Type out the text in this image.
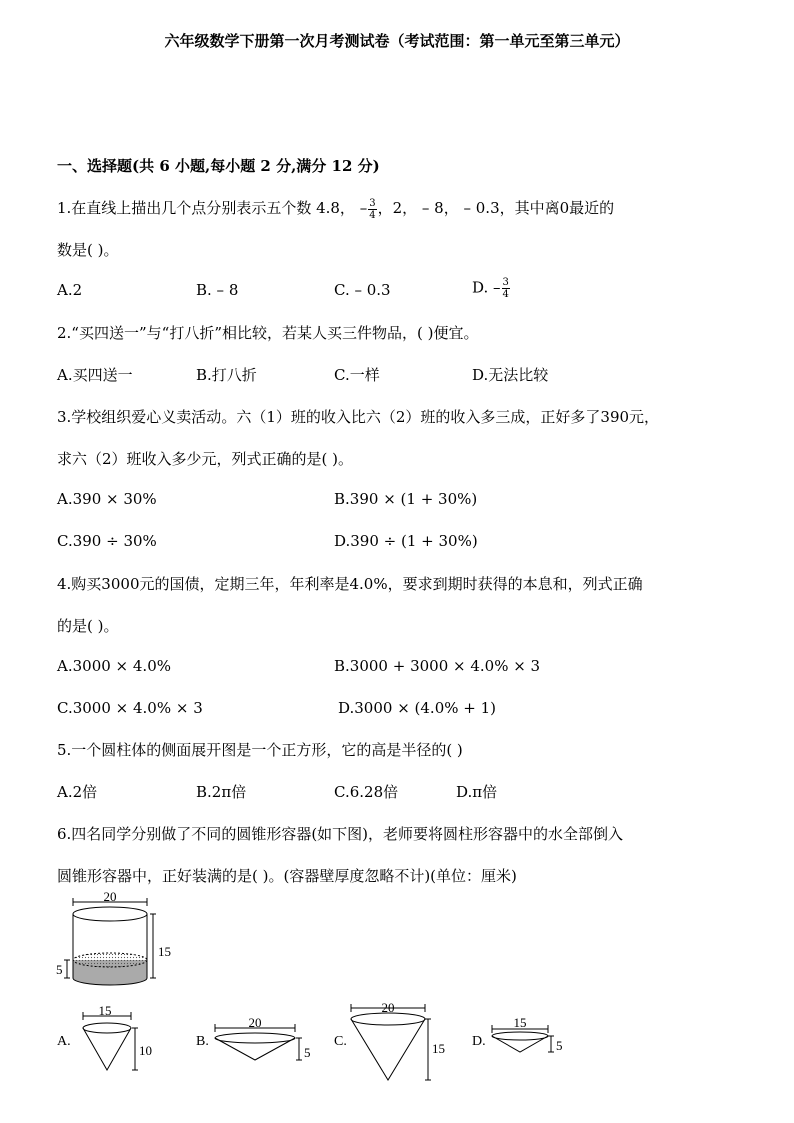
六年级数学下册第一次月考测试卷（考试范围：第一单元至第三单元）
一、选择题(共 6 小题,每小题 2 分,满分 12 分)
1.在直线上描出几个点分别表示五个数 4.8， – $\frac{3}{4}$ ，2， – 8， – 0.3，其中离0最近的
数是( )。
A.2	B. – 8	C. – 0.3	D. – $\frac{3}{4}$
2.“买四送一”与“打八折”相比较，若某人买三件物品，( )便宜。
A.买四送一	B.打八折	C.一样	D.无法比较
3.学校组织爱心义卖活动。六（1）班的收入比六（2）班的收入多三成，正好多了390元，
求六（2）班收入多少元，列式正确的是( )。
A.390 × 30%	B.390 × (1 + 30%)
C.390 ÷ 30%	D.390 ÷ (1 + 30%)
4.购买3000元的国债，定期三年，年利率是4.0%，要求到期时获得的本息和，列式正确
的是( )。
A.3000 × 4.0%	B.3000 + 3000 × 4.0% × 3
C.3000 × 4.0% × 3	D.3000 × (4.0% + 1)
5.一个圆柱体的侧面展开图是一个正方形，它的高是半径的( )
A.2倍	B.2π倍	C.6.28倍	D.π倍
6.四名同学分别做了不同的圆锥形容器(如下图)，老师要将圆柱形容器中的水全部倒入
圆锥形容器中，正好装满的是( )。(容器壁厚度忽略不计)(单位：厘米)
20
15
5
A.
15
10
B.
20
5
C.
20
15 D.
15
5
